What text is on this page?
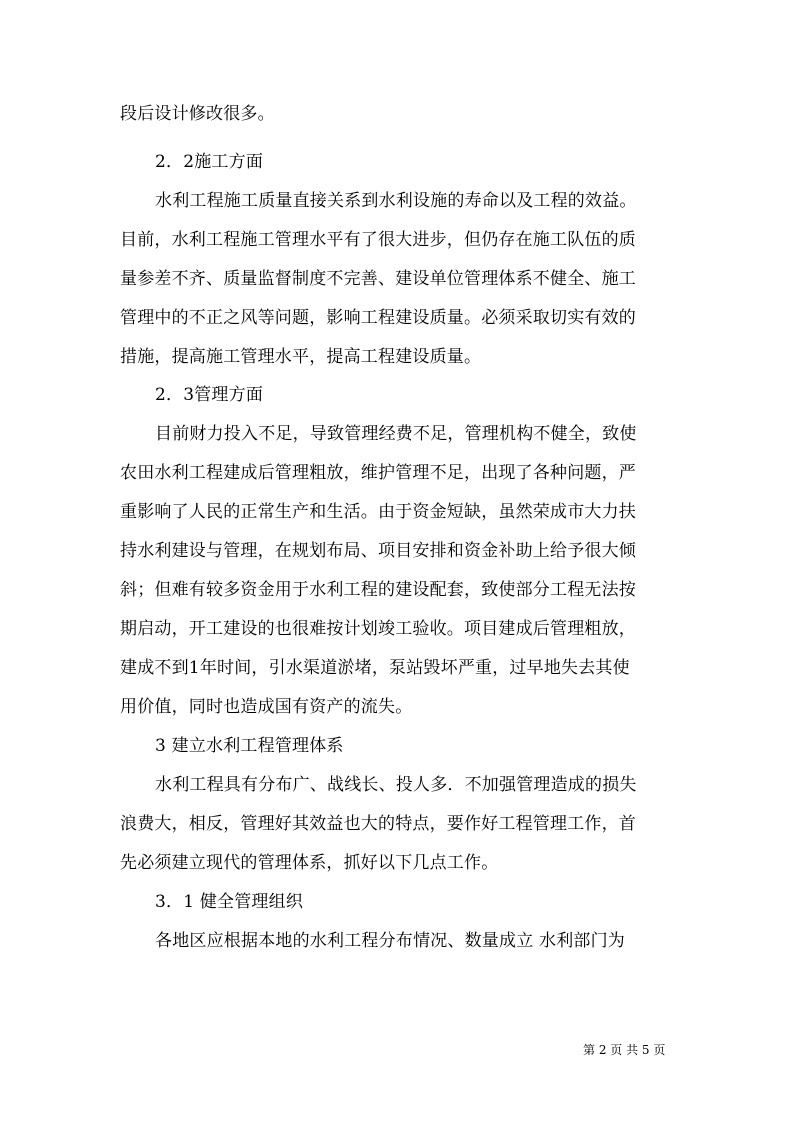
段后设计修改很多。
2．2施工方面
水利工程施工质量直接关系到水利设施的寿命以及工程的效益。
目前，水利工程施工管理水平有了很大进步，但仍存在施工队伍的质
量参差不齐、质量监督制度不完善、建设单位管理体系不健全、施工
管理中的不正之风等问题，影响工程建设质量。必须采取切实有效的
措施，提高施工管理水平，提高工程建设质量。
2．3管理方面
目前财力投入不足，导致管理经费不足，管理机构不健全，致使
农田水利工程建成后管理粗放，维护管理不足，出现了各种问题，严
重影响了人民的正常生产和生活。由于资金短缺，虽然荣成市大力扶
持水利建设与管理，在规划布局、项目安排和资金补助上给予很大倾
斜；但难有较多资金用于水利工程的建设配套，致使部分工程无法按
期启动，开工建设的也很难按计划竣工验收。项目建成后管理粗放，
建成不到1年时间，引水渠道淤堵，泵站毁坏严重，过早地失去其使
用价值，同时也造成国有资产的流失。
3 建立水利工程管理体系
水利工程具有分布广、战线长、投人多．不加强管理造成的损失
浪费大，相反，管理好其效益也大的特点，要作好工程管理工作，首
先必须建立现代的管理体系，抓好以下几点工作。
3．1 健全管理组织
各地区应根据本地的水利工程分布情况、数量成立 水利部门为
第 2 页 共 5 页
